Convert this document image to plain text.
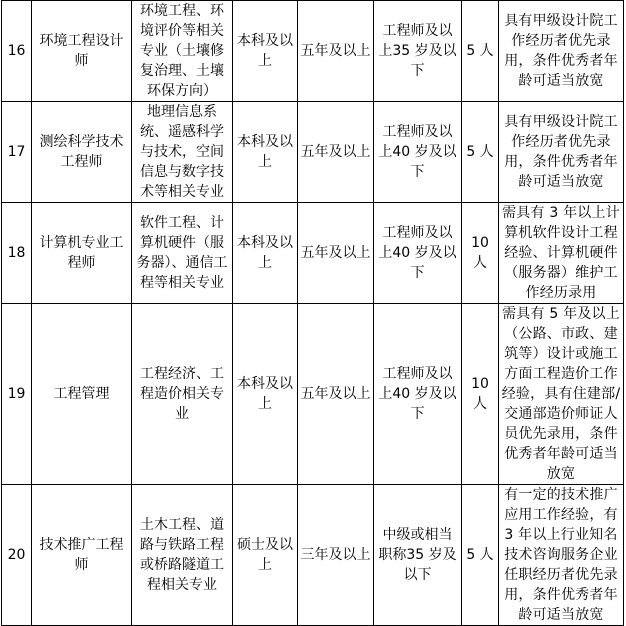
16	环境工程设计师	环境工程、环境评价等相关专业（土壤修复治理、土壤环保方向）	本科及以上	五年及以上	工程师及以上35 岁及以下	5 人	具有甲级设计院工作经历者优先录用，条件优秀者年龄可适当放宽
17	测绘科学技术工程师	地理信息系统、遥感科学与技术，空间信息与数字技术等相关专业	本科及以上	五年及以上	工程师及以上40 岁及以下	5 人	具有甲级设计院工作经历者优先录用，条件优秀者年龄可适当放宽
18	计算机专业工程师	软件工程、计算机硬件（服务器）、通信工程等相关专业	本科及以上	五年及以上	工程师及以上40 岁及以下	10 人	需具有 3 年以上计算机软件设计工程经验、计算机硬件（服务器）维护工作经历录用
19	工程管理	工程经济、工程造价相关专业	本科及以上	五年及以上	工程师及以上40 岁及以下	10 人	需具有 5 年及以上（公路、市政、建筑等）设计或施工方面工程造价工作经验，具有住建部/交通部造价师证人员优先录用，条件优秀者年龄可适当放宽
20	技术推广工程师	土木工程、道路与铁路工程或桥路隧道工程相关专业	硕士及以上	三年及以上	中级或相当职称35 岁及以下	5 人	有一定的技术推广应用工作经验，有 3 年以上行业知名技术咨询服务企业任职经历者优先录用，条件优秀者年龄可适当放宽
